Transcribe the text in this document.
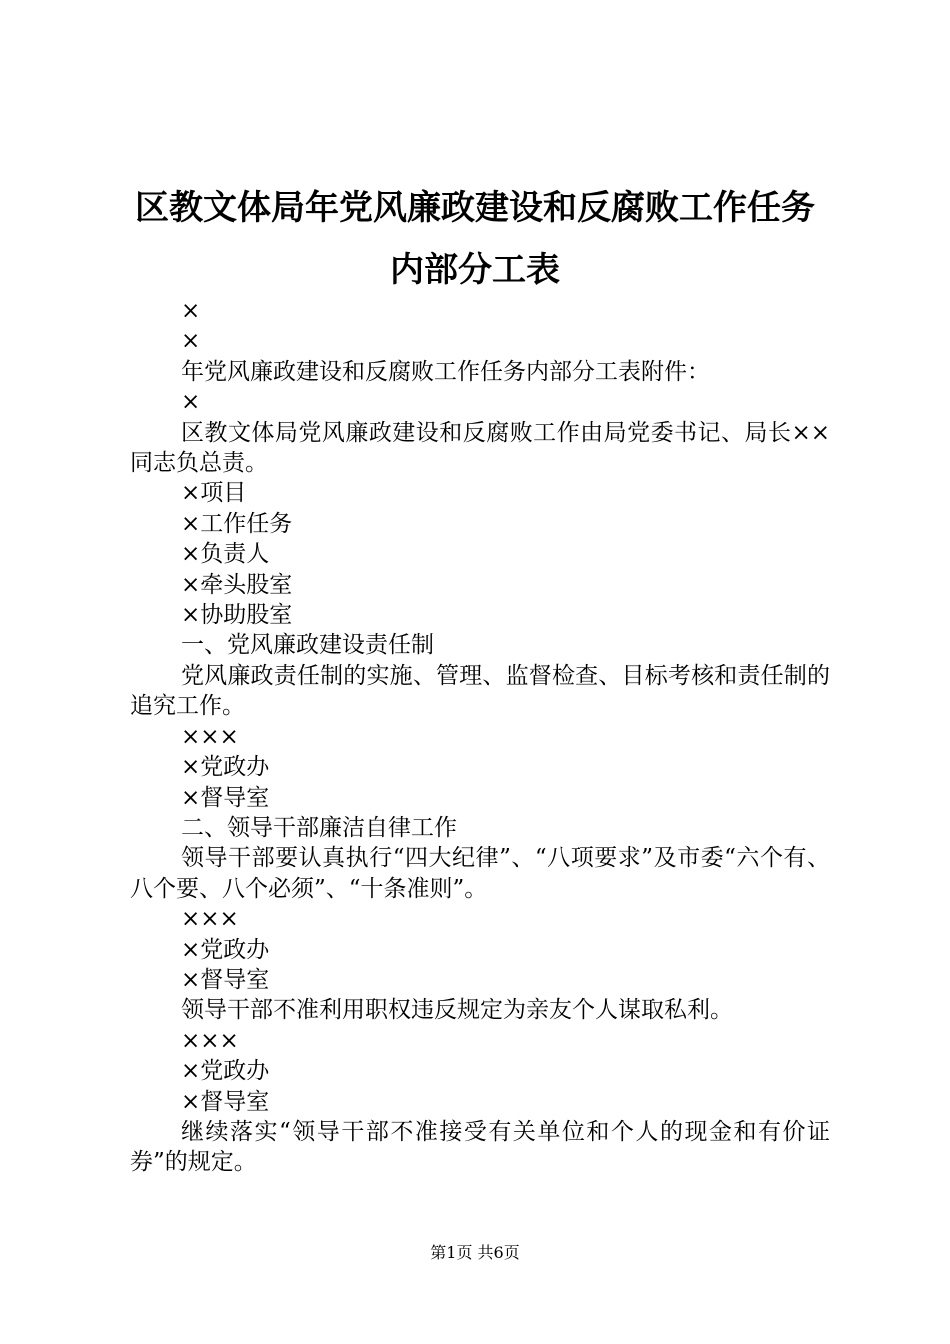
区教文体局年党风廉政建设和反腐败工作任务
内部分工表

×

×

年党风廉政建设和反腐败工作任务内部分工表附件：

×

区教文体局党风廉政建设和反腐败工作由局党委书记、局长××同志负总责。

×项目

×工作任务

×负责人

×牵头股室

×协助股室

一、党风廉政建设责任制

党风廉政责任制的实施、管理、监督检查、目标考核和责任制的追究工作。

×××

×党政办

×督导室

二、领导干部廉洁自律工作

领导干部要认真执行“四大纪律”、“八项要求”及市委“六个有、八个要、八个必须”、“十条准则”。

×××

×党政办

×督导室

领导干部不准利用职权违反规定为亲友个人谋取私利。

×××

×党政办

×督导室

继续落实“领导干部不准接受有关单位和个人的现金和有价证券”的规定。

第1页 共6页
